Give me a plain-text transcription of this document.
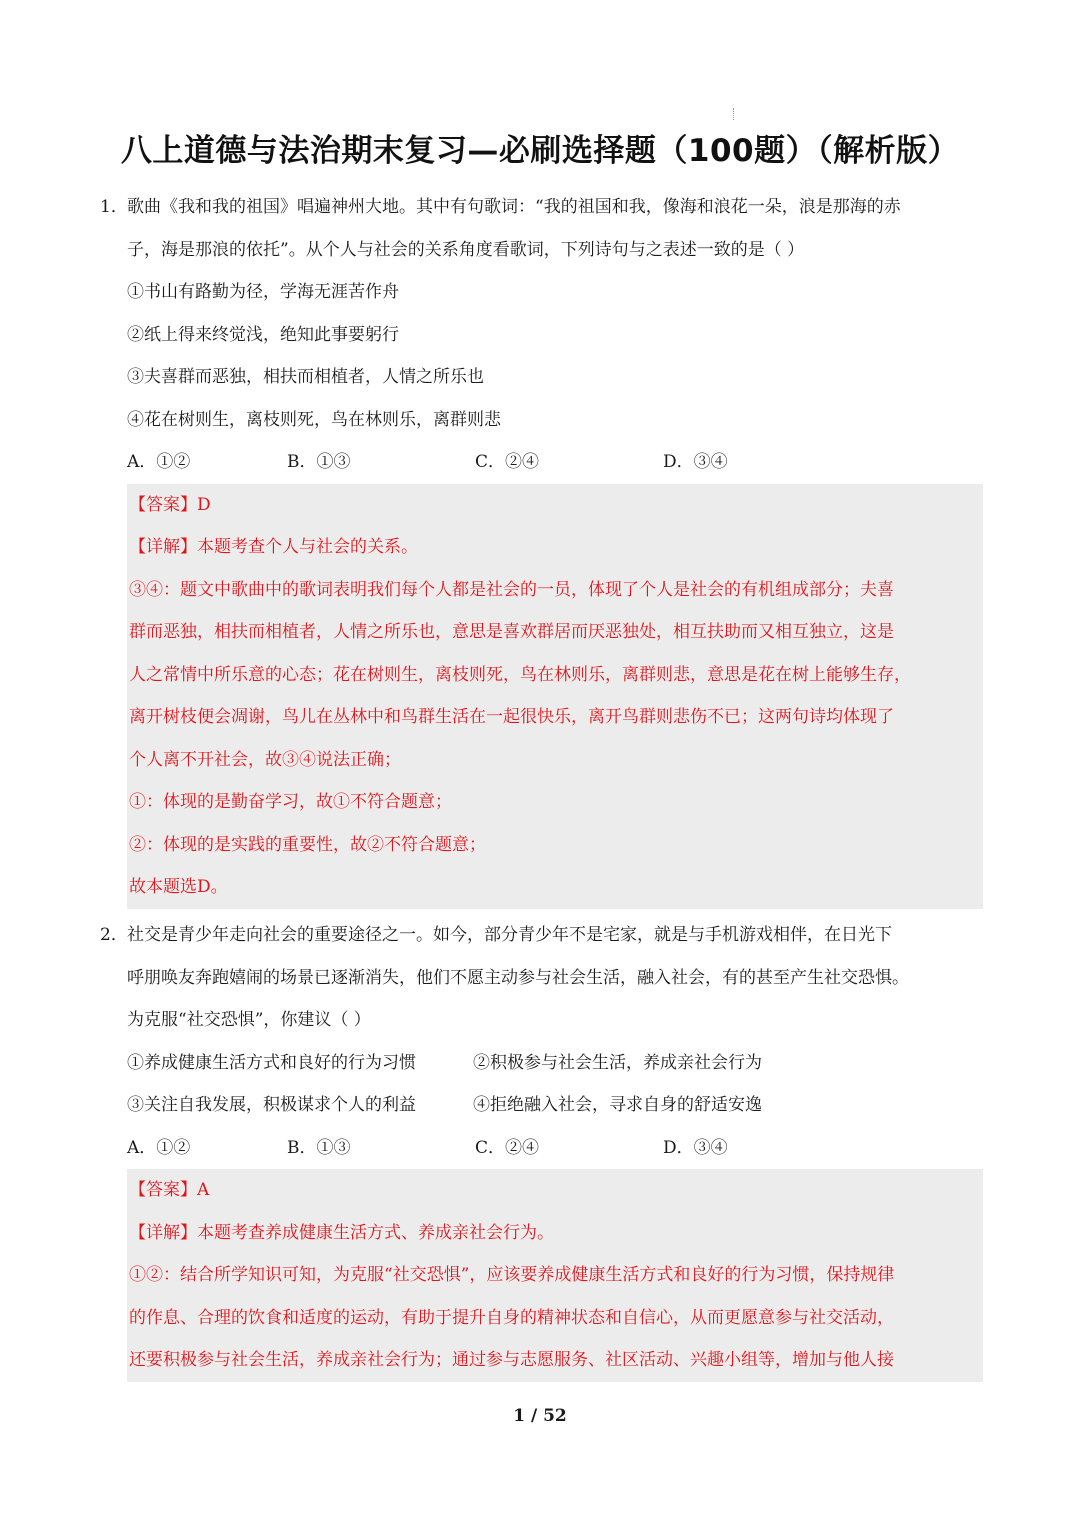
八上道德与法治期末复习—必刷选择题（100题）（解析版）
1． 歌曲《我和我的祖国》唱遍神州大地。其中有句歌词：“我的祖国和我，像海和浪花一朵，浪是那海的赤
子，海是那浪的依托”。从个人与社会的关系角度看歌词，下列诗句与之表述一致的是（ ）
①书山有路勤为径，学海无涯苦作舟
②纸上得来终觉浅，绝知此事要躬行
③夫喜群而恶独，相扶而相植者，人情之所乐也
④花在树则生，离枝则死，鸟在林则乐，离群则悲
A．①②	B．①③	C．②④	D．③④
【答案】D
【详解】本题考查个人与社会的关系。
③④：题文中歌曲中的歌词表明我们每个人都是社会的一员，体现了个人是社会的有机组成部分；夫喜
群而恶独，相扶而相植者，人情之所乐也，意思是喜欢群居而厌恶独处，相互扶助而又相互独立，这是
人之常情中所乐意的心态；花在树则生，离枝则死，鸟在林则乐，离群则悲，意思是花在树上能够生存，
离开树枝便会凋谢，鸟儿在丛林中和鸟群生活在一起很快乐，离开鸟群则悲伤不已；这两句诗均体现了
个人离不开社会，故③④说法正确；
①：体现的是勤奋学习，故①不符合题意；
②：体现的是实践的重要性，故②不符合题意；
故本题选D。
2． 社交是青少年走向社会的重要途径之一。如今，部分青少年不是宅家，就是与手机游戏相伴，在日光下
呼朋唤友奔跑嬉闹的场景已逐渐消失，他们不愿主动参与社会生活，融入社会，有的甚至产生社交恐惧。
为克服“社交恐惧”，你建议（ ）
①养成健康生活方式和良好的行为习惯	②积极参与社会生活，养成亲社会行为
③关注自我发展，积极谋求个人的利益	④拒绝融入社会，寻求自身的舒适安逸
A．①②	B．①③	C．②④	D．③④
【答案】A
【详解】本题考查养成健康生活方式、养成亲社会行为。
①②：结合所学知识可知，为克服“社交恐惧”，应该要养成健康生活方式和良好的行为习惯，保持规律
的作息、合理的饮食和适度的运动，有助于提升自身的精神状态和自信心，从而更愿意参与社交活动，
还要积极参与社会生活，养成亲社会行为；通过参与志愿服务、社区活动、兴趣小组等，增加与他人接
1 / 52
